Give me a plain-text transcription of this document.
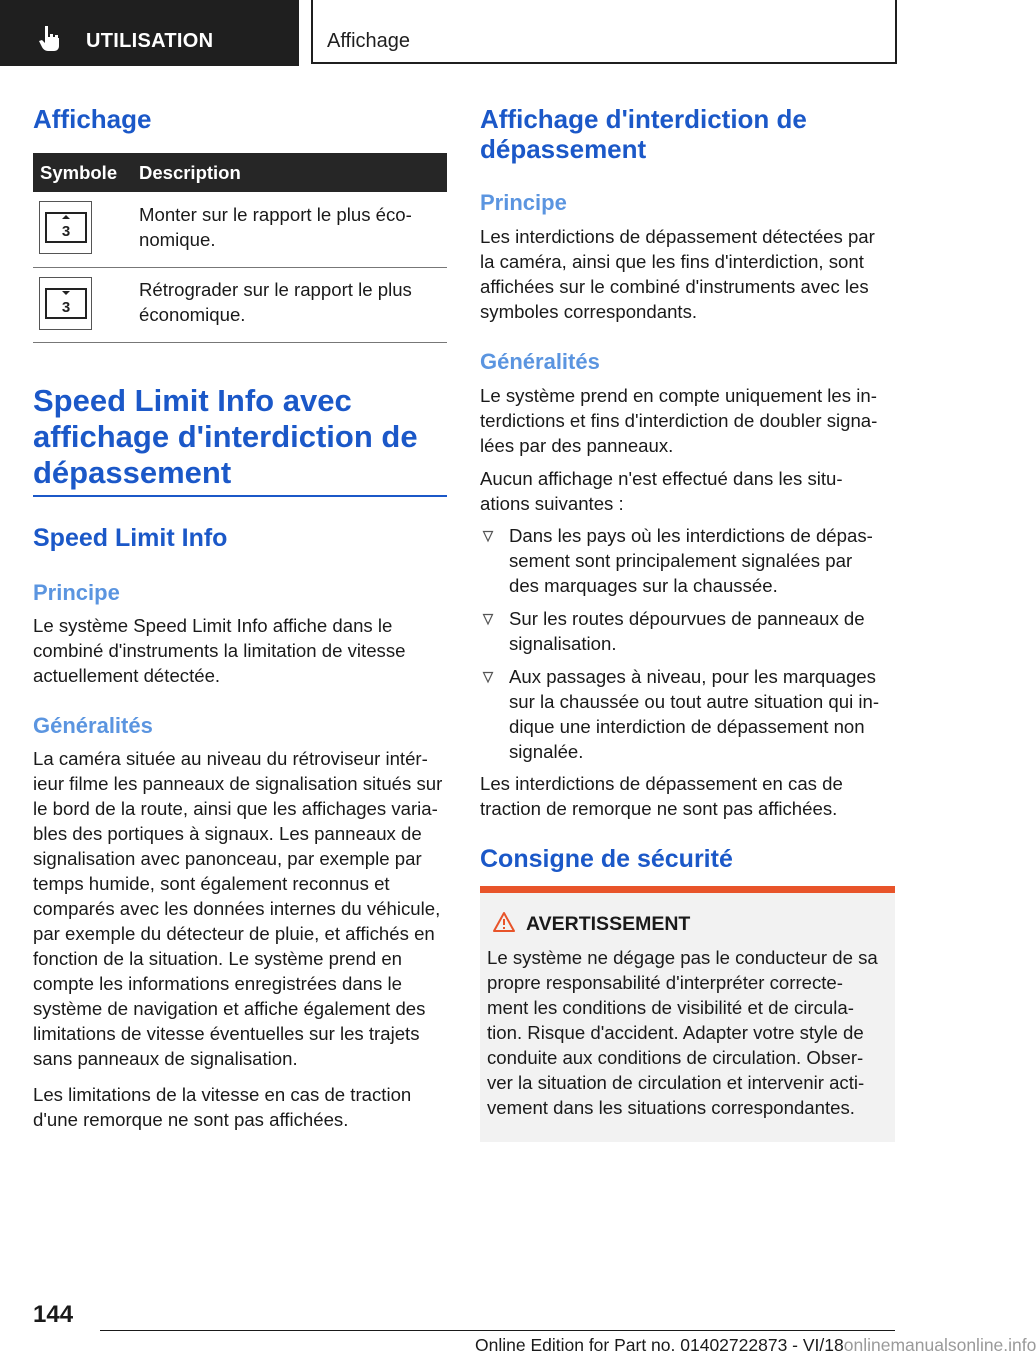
UTILISATION	Affichage
Affichage
Symbole Description
3

Monter sur le rapport le plus éco-
nomique.

3

Rétrograder sur le rapport le plus
économique.

Speed Limit Info avec
affichage d'interdiction de
dépassement
Speed Limit Info
Principe

Le système Speed Limit Info affiche dans le
combiné d'instruments la limitation de vitesse
actuellement détectée.

Généralités

La caméra située au niveau du rétroviseur intér-
ieur filme les panneaux de signalisation situés sur
le bord de la route, ainsi que les affichages varia-
bles des portiques à signaux. Les panneaux de
signalisation avec panonceau, par exemple par
temps humide, sont également reconnus et
comparés avec les données internes du véhicule,
par exemple du détecteur de pluie, et affichés en
fonction de la situation. Le système prend en
compte les informations enregistrées dans le
système de navigation et affiche également des
limitations de vitesse éventuelles sur les trajets
sans panneaux de signalisation.

Les limitations de la vitesse en cas de traction
d'une remorque ne sont pas affichées.

Affichage d'interdiction de
dépassement
Principe

Les interdictions de dépassement détectées par
la caméra, ainsi que les fins d'interdiction, sont
affichées sur le combiné d'instruments avec les
symboles correspondants.

Généralités

Le système prend en compte uniquement les in-
terdictions et fins d'interdiction de doubler signa-
lées par des panneaux.

Aucun affichage n'est effectué dans les situ-
ations suivantes :

Dans les pays où les interdictions de dépas-
sement sont principalement signalées par
des marquages sur la chaussée.
Sur les routes dépourvues de panneaux de
signalisation.
Aux passages à niveau, pour les marquages
sur la chaussée ou tout autre situation qui in-
dique une interdiction de dépassement non
signalée.

Les interdictions de dépassement en cas de
traction de remorque ne sont pas affichées.

Consigne de sécurité
AVERTISSEMENT

Le système ne dégage pas le conducteur de sa
propre responsabilité d'interpréter correcte-
ment les conditions de visibilité et de circula-
tion. Risque d'accident. Adapter votre style de
conduite aux conditions de circulation. Obser-
ver la situation de circulation et intervenir acti-
vement dans les situations correspondantes.

144
Online Edition for Part no. 01402722873 - VI/18onlinemanualsonline.info
